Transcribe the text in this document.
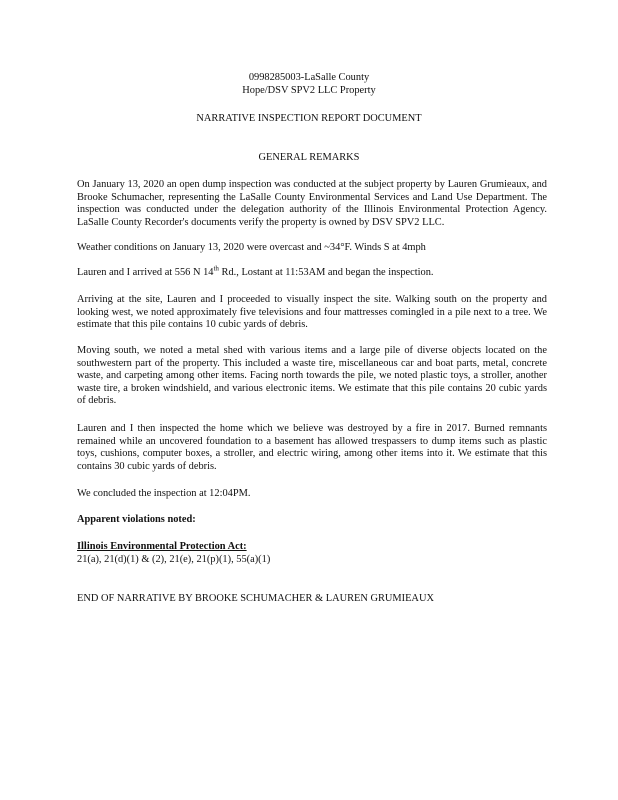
0998285003-LaSalle County
Hope/DSV SPV2 LLC Property
NARRATIVE INSPECTION REPORT DOCUMENT
GENERAL REMARKS

On January 13, 2020 an open dump inspection was conducted at the subject property by Lauren Grumieaux, and Brooke Schumacher, representing the LaSalle County Environmental Services and Land Use Department. The inspection was conducted under the delegation authority of the Illinois Environmental Protection Agency. LaSalle County Recorder's documents verify the property is owned by DSV SPV2 LLC.

Weather conditions on January 13, 2020 were overcast and ~34°F. Winds S at 4mph

Lauren and I arrived at 556 N 14th Rd., Lostant at 11:53AM and began the inspection.

Arriving at the site, Lauren and I proceeded to visually inspect the site. Walking south on the property and looking west, we noted approximately five televisions and four mattresses comingled in a pile next to a tree. We estimate that this pile contains 10 cubic yards of debris.

Moving south, we noted a metal shed with various items and a large pile of diverse objects located on the southwestern part of the property. This included a waste tire, miscellaneous car and boat parts, metal, concrete waste, and carpeting among other items. Facing north towards the pile, we noted plastic toys, a stroller, another waste tire, a broken windshield, and various electronic items. We estimate that this pile contains 20 cubic yards of debris.

Lauren and I then inspected the home which we believe was destroyed by a fire in 2017. Burned remnants remained while an uncovered foundation to a basement has allowed trespassers to dump items such as plastic toys, cushions, computer boxes, a stroller, and electric wiring, among other items into it. We estimate that this contains 30 cubic yards of debris.

We concluded the inspection at 12:04PM.

Apparent violations noted:
Illinois Environmental Protection Act:
21(a), 21(d)(1) & (2), 21(e), 21(p)(1), 55(a)(1)
END OF NARRATIVE BY BROOKE SCHUMACHER & LAUREN GRUMIEAUX
